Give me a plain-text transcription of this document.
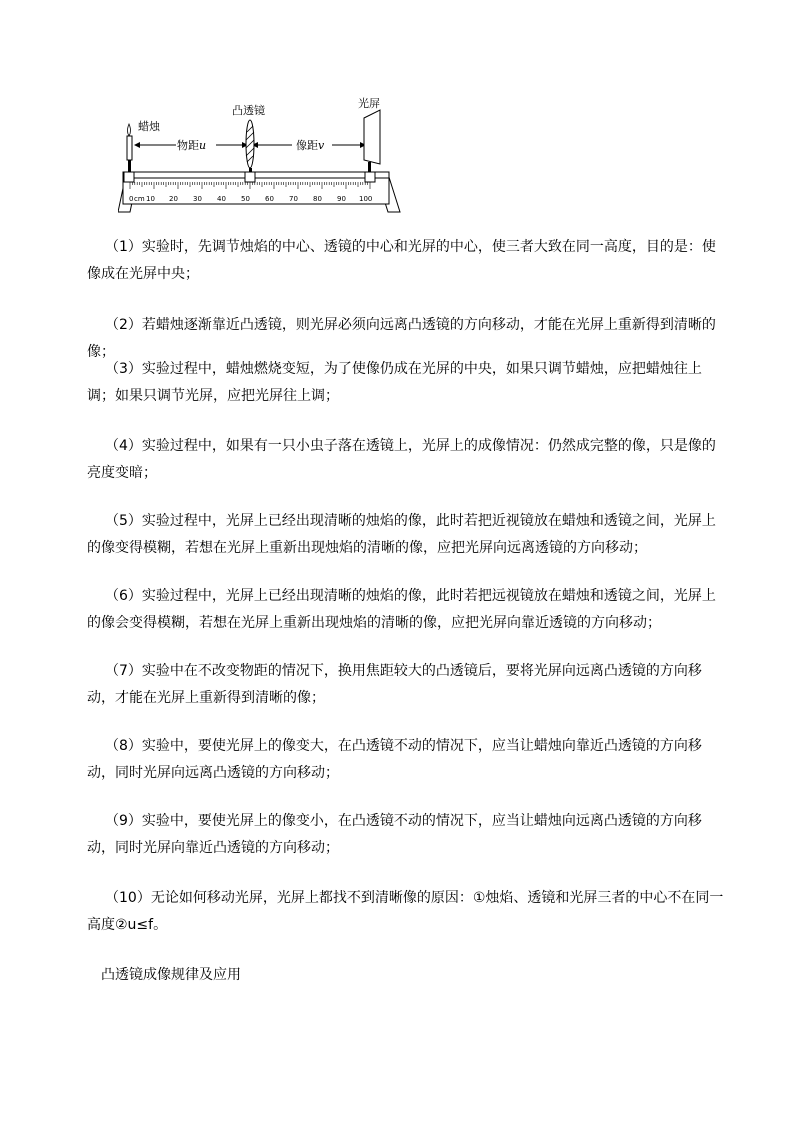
蜡烛
凸透镜
光屏
物距u	像距v
0 cm 10 20 30 40 50 60 70 80 90 100

（1）实验时，先调节烛焰的中心、透镜的中心和光屏的中心，使三者大致在同一高度，目的是：使像成在光屏中央；

（2）若蜡烛逐渐靠近凸透镜，则光屏必须向远离凸透镜的方向移动，才能在光屏上重新得到清晰的像；

（3）实验过程中，蜡烛燃烧变短，为了使像仍成在光屏的中央，如果只调节蜡烛，应把蜡烛往上调；如果只调节光屏，应把光屏往上调；

（4）实验过程中，如果有一只小虫子落在透镜上，光屏上的成像情况：仍然成完整的像，只是像的亮度变暗；

（5）实验过程中，光屏上已经出现清晰的烛焰的像，此时若把近视镜放在蜡烛和透镜之间，光屏上的像变得模糊，若想在光屏上重新出现烛焰的清晰的像，应把光屏向远离透镜的方向移动；

（6）实验过程中，光屏上已经出现清晰的烛焰的像，此时若把远视镜放在蜡烛和透镜之间，光屏上的像会变得模糊，若想在光屏上重新出现烛焰的清晰的像，应把光屏向靠近透镜的方向移动；

（7）实验中在不改变物距的情况下，换用焦距较大的凸透镜后，要将光屏向远离凸透镜的方向移动，才能在光屏上重新得到清晰的像；

（8）实验中，要使光屏上的像变大，在凸透镜不动的情况下，应当让蜡烛向靠近凸透镜的方向移动，同时光屏向远离凸透镜的方向移动；

（9）实验中，要使光屏上的像变小，在凸透镜不动的情况下，应当让蜡烛向远离凸透镜的方向移动，同时光屏向靠近凸透镜的方向移动；

（10）无论如何移动光屏，光屏上都找不到清晰像的原因：①烛焰、透镜和光屏三者的中心不在同一高度②u≤f。

凸透镜成像规律及应用
